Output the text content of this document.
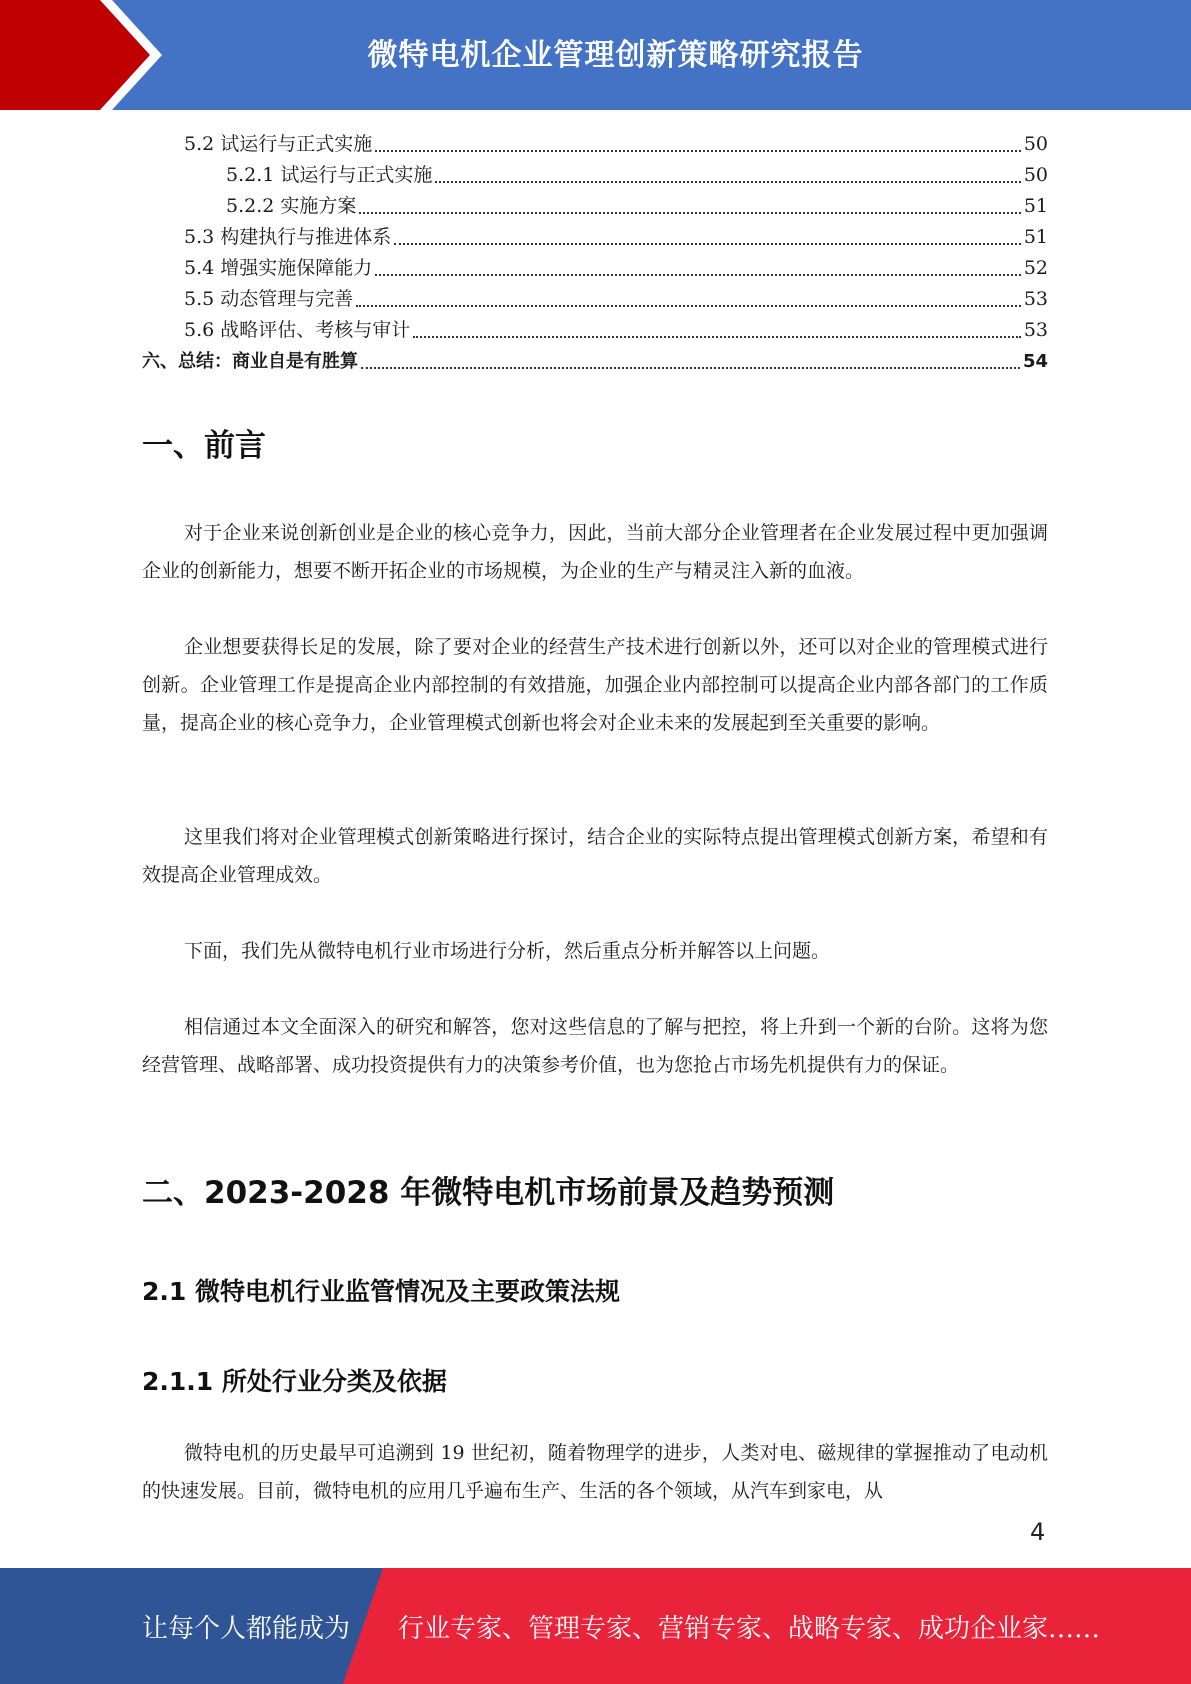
微特电机企业管理创新策略研究报告
5.2 试运行与正式实施	50
5.2.1 试运行与正式实施	50
5.2.2 实施方案	51
5.3 构建执行与推进体系	51
5.4 增强实施保障能力	52
5.5 动态管理与完善	53
5.6 战略评估、考核与审计	53
六、总结：商业自是有胜算	54
一、前言
对于企业来说创新创业是企业的核心竞争力，因此，当前大部分企业管理者在企业发展过程中更加强调企业的创新能力，想要不断开拓企业的市场规模，为企业的生产与精灵注入新的血液。
企业想要获得长足的发展，除了要对企业的经营生产技术进行创新以外，还可以对企业的管理模式进行创新。企业管理工作是提高企业内部控制的有效措施，加强企业内部控制可以提高企业内部各部门的工作质量，提高企业的核心竞争力，企业管理模式创新也将会对企业未来的发展起到至关重要的影响。
这里我们将对企业管理模式创新策略进行探讨，结合企业的实际特点提出管理模式创新方案，希望和有效提高企业管理成效。
下面，我们先从微特电机行业市场进行分析，然后重点分析并解答以上问题。
相信通过本文全面深入的研究和解答，您对这些信息的了解与把控，将上升到一个新的台阶。这将为您经营管理、战略部署、成功投资提供有力的决策参考价值，也为您抢占市场先机提供有力的保证。
二、2023-2028 年微特电机市场前景及趋势预测
2.1 微特电机行业监管情况及主要政策法规
2.1.1 所处行业分类及依据
微特电机的历史最早可追溯到 19 世纪初，随着物理学的进步，人类对电、磁规律的掌握推动了电动机的快速发展。目前，微特电机的应用几乎遍布生产、生活的各个领域，从汽车到家电，从
4
让每个人都能成为 行业专家、管理专家、营销专家、战略专家、成功企业家……
